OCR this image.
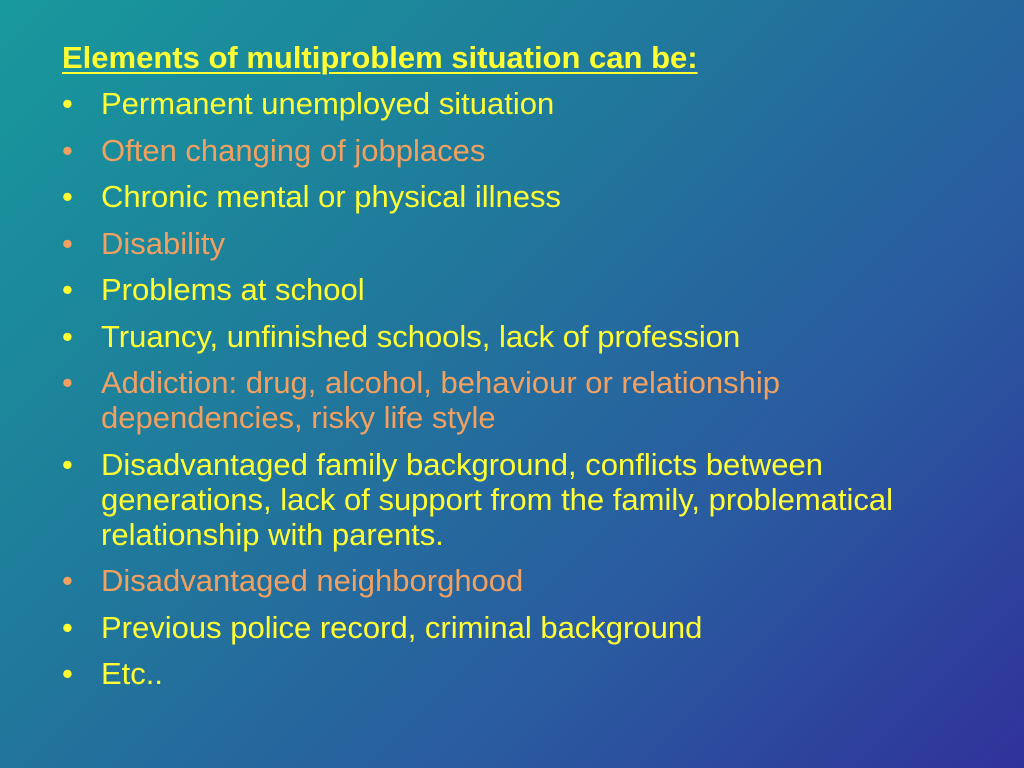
Elements of multiproblem situation can be:
• Permanent unemployed situation
• Often changing of jobplaces
• Chronic mental or physical illness
• Disability
• Problems at school
• Truancy, unfinished schools, lack of profession
• Addiction: drug, alcohol, behaviour or relationship dependencies, risky life style
• Disadvantaged family background, conflicts between generations, lack of support from the family, problematical relationship with parents.
• Disadvantaged neighborghood
• Previous police record, criminal background
• Etc..
